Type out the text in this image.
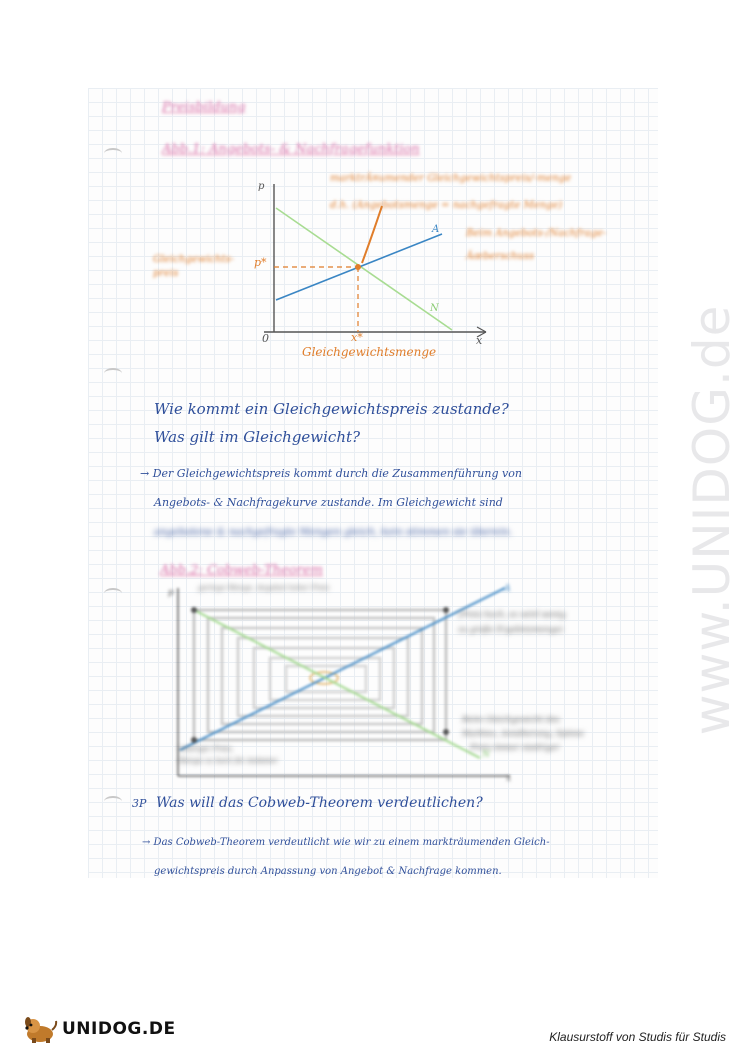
www.UNIDOG.de
Preisbildung
Abb.1: Angebots- & Nachfragefunktion
marktrÃ¤umender Gleichgewichtspreis/-menge
d.h. (Angebotsmenge = nachgefragte Menge)
Beim Angebots-/Nachfrage-
Ãœberschuss
Gleichgewichts-
preis
p*
x*
Gleichgewichtsmenge
p
x
0
A
N
Wie kommt ein Gleichgewichtspreis zustande?
Was gilt im Gleichgewicht?
→ Der Gleichgewichtspreis kommt durch die Zusammenführung von
Angebots- & Nachfragekurve zustande. Im Gleichgewicht sind
angebotene & nachgefragte Mengen gleich, kein stimmen sie überein.
Abb.2: Cobweb-Theorem
geringe Menge, Angebot hoher Preis
(Preis hoch, es wird wenig
zu große Ergebnismenge)
Beim Gleichgewicht des
Marktes, Annäherung, Spinne
Preis immer niedriger
niedriger Preis,
Menge zu hoch für Anbieter
p
x
A
N
3P Was will das Cobweb-Theorem verdeutlichen?
→ Das Cobweb-Theorem verdeutlicht wie wir zu einem markträumenden Gleich-
gewichtspreis durch Anpassung von Angebot & Nachfrage kommen.
UNIDOG.DE	Klausurstoff von Studis für Studis
